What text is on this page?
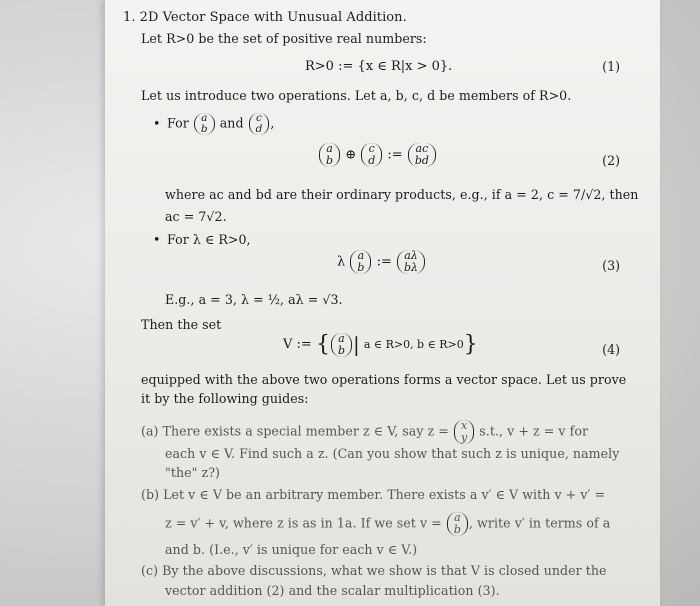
1. 2D Vector Space with Unusual Addition.
Let R>0 be the set of positive real numbers:
R>0 := {x ∈ R|x > 0}.	(1)
Let us introduce two operations. Let a, b, c, d be members of R>0.
• For a
b and c
d ,
a
b ⊕ c
d := ac
bd	(2)
where ac and bd are their ordinary products, e.g., if a = 2, c = 7/√2, then
ac = 7√2.
• For λ ∈ R>0,
λ a
b := aλ
bλ	(3)
E.g., a = 3, λ = ½, aλ = √3.
Then the set
V := { a
b | a ∈ R>0, b ∈ R>0}	(4)
equipped with the above two operations forms a vector space. Let us prove
it by the following guides:
(a) There exists a special member z ∈ V, say z = x
y s.t., v + z = v for
each v ∈ V. Find such a z. (Can you show that such z is unique, namely
"the" z?)
(b) Let v ∈ V be an arbitrary member. There exists a v′ ∈ V with v + v′ =
z = v′ + v, where z is as in 1a. If we set v = a
b , write v′ in terms of a
and b. (I.e., v′ is unique for each v ∈ V.)
(c) By the above discussions, what we show is that V is closed under the
vector addition (2) and the scalar multiplication (3).
